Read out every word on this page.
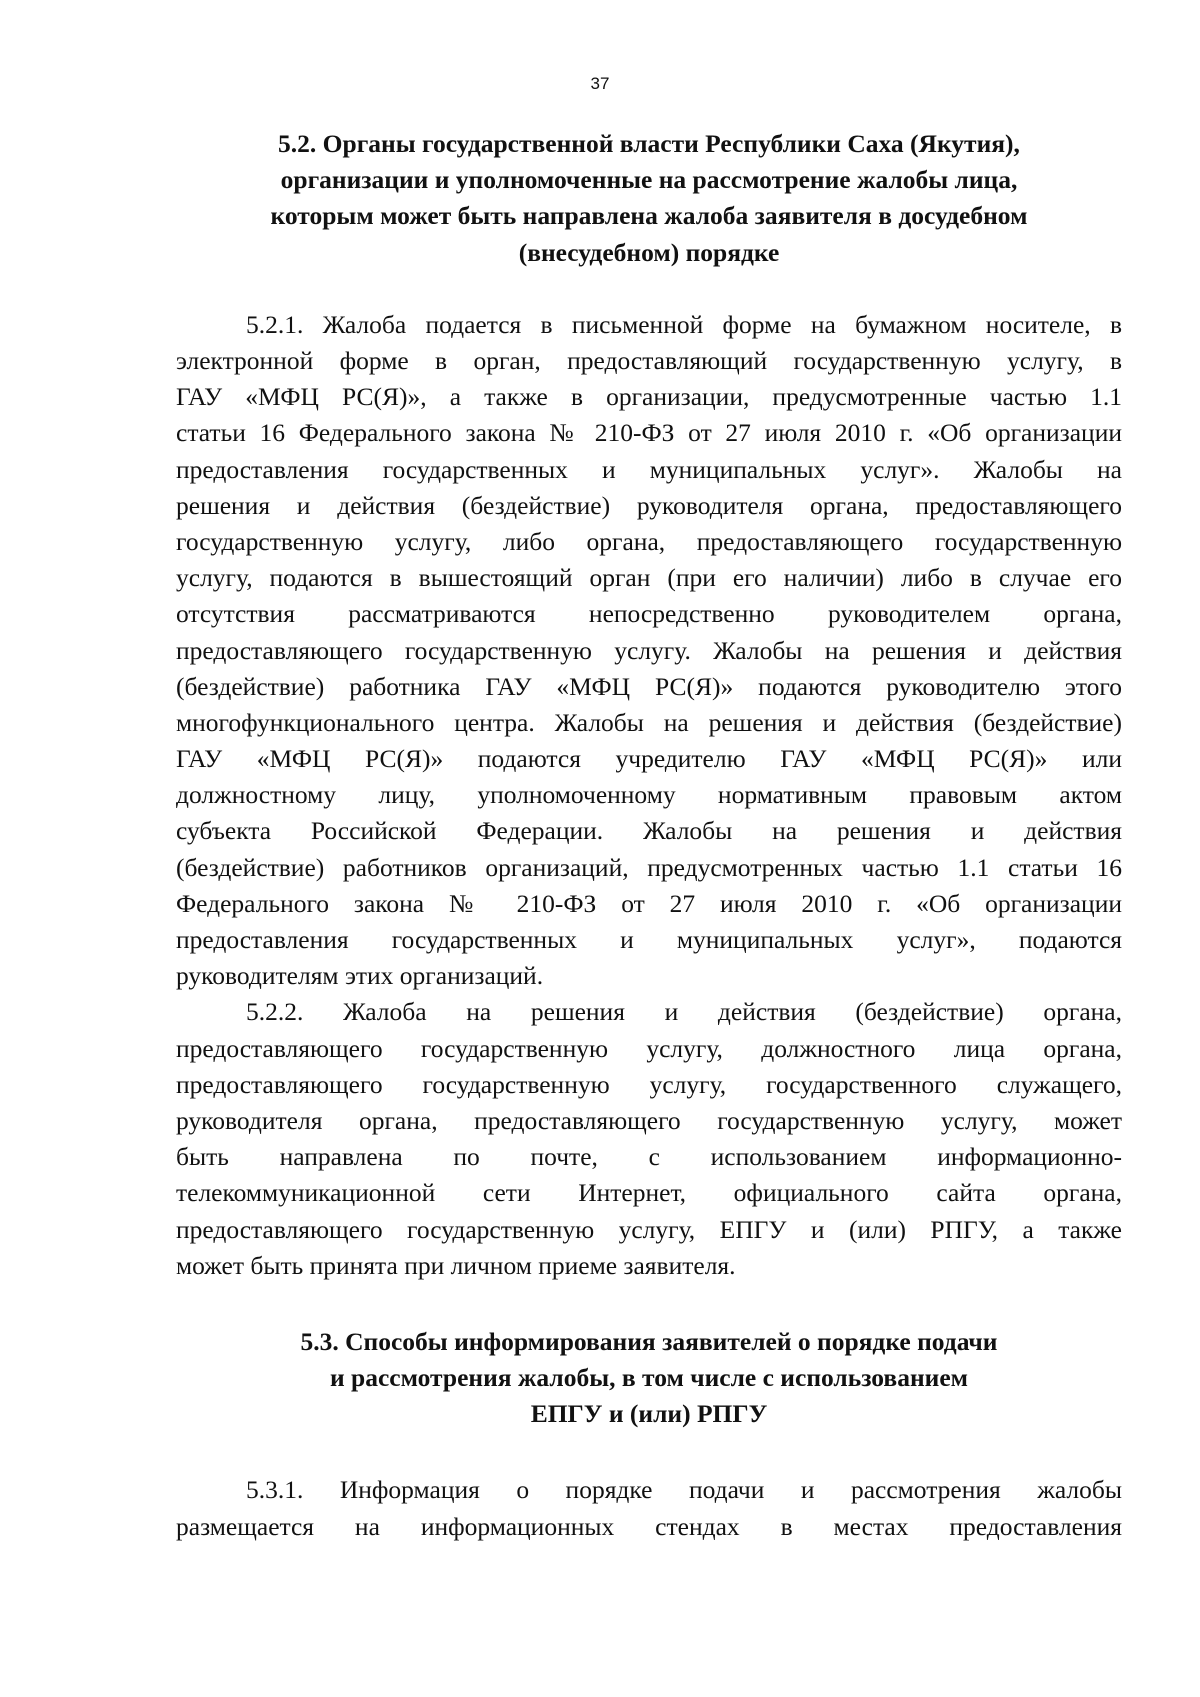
37
5.2. Органы государственной власти Республики Саха (Якутия),
организации и уполномоченные на рассмотрение жалобы лица,
которым может быть направлена жалоба заявителя в досудебном
(внесудебном) порядке

5.2.1. Жалоба подается в письменной форме на бумажном носителе, в
электронной форме в орган, предоставляющий государственную услугу, в
ГАУ «МФЦ РС(Я)», а также в организации, предусмотренные частью 1.1
статьи 16 Федерального закона № 210-ФЗ от 27 июля 2010 г. «Об организации
предоставления государственных и муниципальных услуг». Жалобы на
решения и действия (бездействие) руководителя органа, предоставляющего
государственную услугу, либо органа, предоставляющего государственную
услугу, подаются в вышестоящий орган (при его наличии) либо в случае его
отсутствия рассматриваются непосредственно руководителем органа,
предоставляющего государственную услугу. Жалобы на решения и действия
(бездействие) работника ГАУ «МФЦ РС(Я)» подаются руководителю этого
многофункционального центра. Жалобы на решения и действия (бездействие)
ГАУ «МФЦ РС(Я)» подаются учредителю ГАУ «МФЦ РС(Я)» или
должностному лицу, уполномоченному нормативным правовым актом
субъекта Российской Федерации. Жалобы на решения и действия
(бездействие) работников организаций, предусмотренных частью 1.1 статьи 16
Федерального закона № 210-ФЗ от 27 июля 2010 г. «Об организации
предоставления государственных и муниципальных услуг», подаются
руководителям этих организаций.

5.2.2. Жалоба на решения и действия (бездействие) органа,
предоставляющего государственную услугу, должностного лица органа,
предоставляющего государственную услугу, государственного служащего,
руководителя органа, предоставляющего государственную услугу, может
быть направлена по почте, с использованием информационно-
телекоммуникационной сети Интернет, официального сайта органа,
предоставляющего государственную услугу, ЕПГУ и (или) РПГУ, а также
может быть принята при личном приеме заявителя.

5.3. Способы информирования заявителей о порядке подачи
и рассмотрения жалобы, в том числе с использованием
ЕПГУ и (или) РПГУ

5.3.1. Информация о порядке подачи и рассмотрения жалобы
размещается на информационных стендах в местах предоставления
